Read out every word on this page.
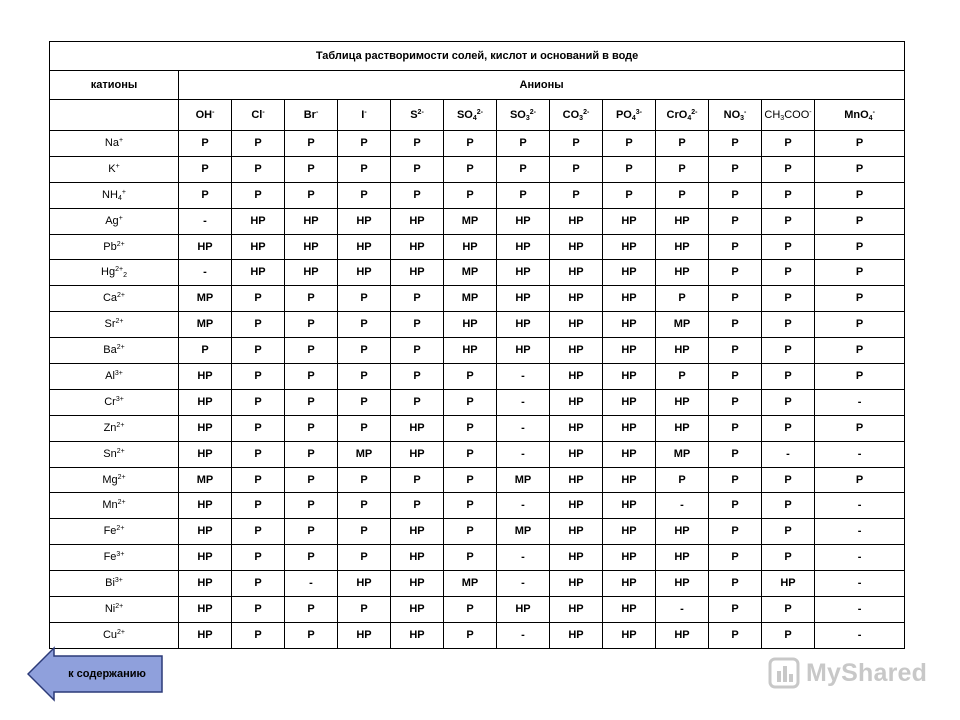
Таблица растворимости солей, кислот и оснований в воде													
катионы	Анионы												
	OH-	Cl-	Br-	I-	$S^{2-}$	$SO_4^{2-}$	$SO_3^{2-}$	$CO_3^{2-}$	$PO_4^{3-}$	CrO$_4^{2-}$	$NO_3^-$	$CH_3COO^-$	MnO$_4$-
Na+	Р	Р	Р	Р	Р	Р	Р	Р	Р	Р	Р	Р	Р
K+	Р	Р	Р	Р	Р	Р	Р	Р	Р	Р	Р	Р	Р
$NH_4^+$	Р	Р	Р	Р	Р	Р	Р	Р	Р	Р	Р	Р	Р
Ag+	-	НР	НР	НР	НР	МР	НР	НР	НР	НР	Р	Р	Р
$Pb^{2+}$	НР	НР	НР	НР	НР	НР	НР	НР	НР	НР	Р	Р	Р
$Hg^{2+}_2$	-	НР	НР	НР	НР	МР	НР	НР	НР	НР	Р	Р	Р
$Ca^{2+}$	МР	Р	Р	Р	Р	МР	НР	НР	НР	Р	Р	Р	Р
$Sr^{2+}$	МР	Р	Р	Р	Р	НР	НР	НР	НР	МР	Р	Р	Р
$Ba^{2+}$	Р	Р	Р	Р	Р	НР	НР	НР	НР	НР	Р	Р	Р
$Al^{3+}$	НР	Р	Р	Р	Р	Р	-	НР	НР	Р	Р	Р	Р
$Cr^{3+}$	НР	Р	Р	Р	Р	Р	-	НР	НР	НР	Р	Р	-
$Zn^{2+}$	НР	Р	Р	Р	НР	Р	-	НР	НР	НР	Р	Р	Р
$Sn^{2+}$	НР	Р	Р	МР	НР	Р	-	НР	НР	МР	Р	-	-
$Mg^{2+}$	МР	Р	Р	Р	Р	Р	МР	НР	НР	Р	Р	Р	Р
$Mn^{2+}$	НР	Р	Р	Р	Р	Р	-	НР	НР	-	Р	Р	-
$Fe^{2+}$	НР	Р	Р	Р	НР	Р	МР	НР	НР	НР	Р	Р	-
$Fe^{3+}$	НР	Р	Р	Р	НР	Р	-	НР	НР	НР	Р	Р	-
$Bi^{3+}$	НР	Р	-	НР	НР	МР	-	НР	НР	НР	Р	НР	-
$Ni^{2+}$	НР	Р	Р	Р	НР	Р	НР	НР	НР	-	Р	Р	-
$Cu^{2+}$	НР	Р	Р	НР	НР	Р	-	НР	НР	НР	Р	Р	-
к содержанию	MyShared
